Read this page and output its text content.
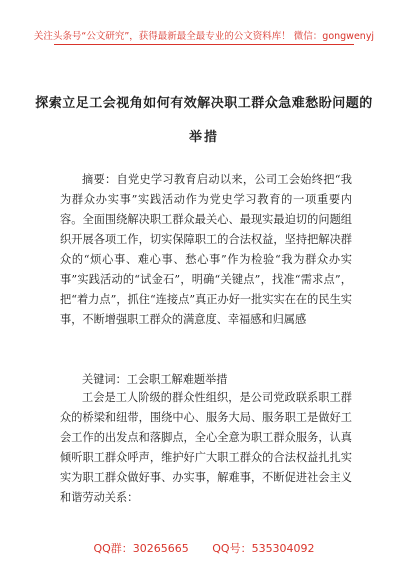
关注头条号“公文研究”，获得最新最全最专业的公文资料库！ 微信：gongwenyj
探索立足工会视角如何有效解决职工群众急难愁盼问题的
举措

摘要：自党史学习教育启动以来，公司工会始终把“我为群众办实事”实践活动作为党史学习教育的一项重要内容。全面围绕解决职工群众最关心、最现实最迫切的问题组织开展各项工作，切实保障职工的合法权益，坚持把解决群众的“烦心事、难心事、愁心事”作为检验“我为群众办实事”实践活动的“试金石”，明确“关键点”，找准“需求点”，把“着力点”，抓住“连接点”真正办好一批实实在在的民生实事，不断增强职工群众的满意度、幸福感和归属感

关键词：工会职工解难题举措

工会是工人阶级的群众性组织，是公司党政联系职工群众的桥梁和纽带，围绕中心、服务大局、服务职工是做好工 会工作的出发点和落脚点，全心全意为职工群众服务，认真倾听职工群众呼声，维护好广大职工群众的合法权益扎扎实实为职工群众做好事、办实事，解难事，不断促进社会主义和谐劳动关系：

QQ群：30265665 QQ号：535304092
